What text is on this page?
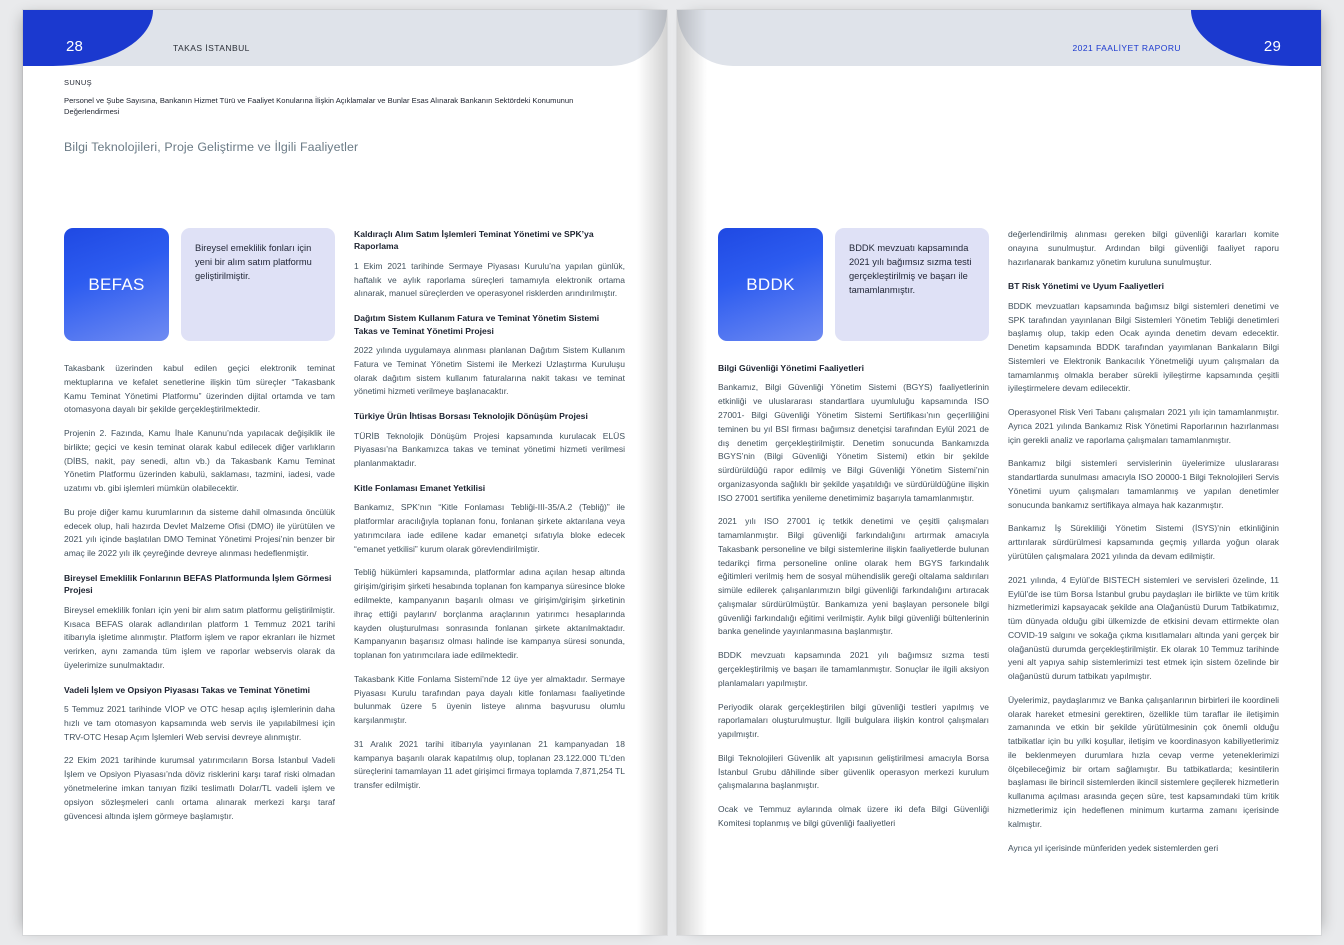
28	TAKAS İSTANBUL

SUNUŞ

Personel ve Şube Sayısına, Bankanın Hizmet Türü ve Faaliyet Konularına İlişkin Açıklamalar ve Bunlar Esas Alınarak Bankanın Sektördeki Konumunun Değerlendirmesi

Bilgi Teknolojileri, Proje Geliştirme ve İlgili Faaliyetler
BEFAS

Bireysel emeklilik fonları için yeni bir alım satım platformu geliştirilmiştir.

Takasbank üzerinden kabul edilen geçici elektronik teminat mektuplarına ve kefalet senetlerine ilişkin tüm süreçler “Takasbank Kamu Teminat Yönetimi Platformu” üzerinden dijital ortamda ve tam otomasyona dayalı bir şekilde gerçekleştirilmektedir.

Projenin 2. Fazında, Kamu İhale Kanunu’nda yapılacak değişiklik ile birlikte; geçici ve kesin teminat olarak kabul edilecek diğer varlıkların (DİBS, nakit, pay senedi, altın vb.) da Takasbank Kamu Teminat Yönetim Platformu üzerinden kabulü, saklaması, tazmini, iadesi, vade uzatımı vb. gibi işlemleri mümkün olabilecektir.

Bu proje diğer kamu kurumlarının da sisteme dahil olmasında öncülük edecek olup, hali hazırda Devlet Malzeme Ofisi (DMO) ile yürütülen ve 2021 yılı içinde başlatılan DMO Teminat Yönetimi Projesi’nin benzer bir amaç ile 2022 yılı ilk çeyreğinde devreye alınması hedeflenmiştir.

Bireysel Emeklilik Fonlarının BEFAS Platformunda İşlem Görmesi Projesi

Bireysel emeklilik fonları için yeni bir alım satım platformu geliştirilmiştir. Kısaca BEFAS olarak adlandırılan platform 1 Temmuz 2021 tarihi itibarıyla işletime alınmıştır. Platform işlem ve rapor ekranları ile hizmet verirken, aynı zamanda tüm işlem ve raporlar webservis olarak da üyelerimize sunulmaktadır.

Vadeli İşlem ve Opsiyon Piyasası Takas ve Teminat Yönetimi

5 Temmuz 2021 tarihinde VİOP ve OTC hesap açılış işlemlerinin daha hızlı ve tam otomasyon kapsamında web servis ile yapılabilmesi için TRV-OTC Hesap Açım İşlemleri Web servisi devreye alınmıştır.

22 Ekim 2021 tarihinde kurumsal yatırımcıların Borsa İstanbul Vadeli İşlem ve Opsiyon Piyasası’nda döviz risklerini karşı taraf riski olmadan yönetmelerine imkan tanıyan fiziki teslimatlı Dolar/TL vadeli işlem ve opsiyon sözleşmeleri canlı ortama alınarak merkezi karşı taraf güvencesi altında işlem görmeye başlamıştır.

Kaldıraçlı Alım Satım İşlemleri Teminat Yönetimi ve SPK’ya Raporlama

1 Ekim 2021 tarihinde Sermaye Piyasası Kurulu’na yapılan günlük, haftalık ve aylık raporlama süreçleri tamamıyla elektronik ortama alınarak, manuel süreçlerden ve operasyonel risklerden arındırılmıştır.

Dağıtım Sistem Kullanım Fatura ve Teminat Yönetim Sistemi Takas ve Teminat Yönetimi Projesi

2022 yılında uygulamaya alınması planlanan Dağıtım Sistem Kullanım Fatura ve Teminat Yönetim Sistemi ile Merkezi Uzlaştırma Kuruluşu olarak dağıtım sistem kullanım faturalarına nakit takası ve teminat yönetimi hizmeti verilmeye başlanacaktır.

Türkiye Ürün İhtisas Borsası Teknolojik Dönüşüm Projesi

TÜRİB Teknolojik Dönüşüm Projesi kapsamında kurulacak ELÜS Piyasası’na Bankamızca takas ve teminat yönetimi hizmeti verilmesi planlanmaktadır.

Kitle Fonlaması Emanet Yetkilisi

Bankamız, SPK’nın “Kitle Fonlaması Tebliği-III-35/A.2 (Tebliğ)” ile platformlar aracılığıyla toplanan fonu, fonlanan şirkete aktarılana veya yatırımcılara iade edilene kadar emanetçi sıfatıyla bloke edecek “emanet yetkilisi” kurum olarak görevlendirilmiştir.

Tebliğ hükümleri kapsamında, platformlar adına açılan hesap altında girişim/girişim şirketi hesabında toplanan fon kampanya süresince bloke edilmekte, kampanyanın başarılı olması ve girişim/girişim şirketinin ihraç ettiği payların/ borçlanma araçlarının yatırımcı hesaplarında kayden oluşturulması sonrasında fonlanan şirkete aktarılmaktadır. Kampanyanın başarısız olması halinde ise kampanya süresi sonunda, toplanan fon yatırımcılara iade edilmektedir.

Takasbank Kitle Fonlama Sistemi’nde 12 üye yer almaktadır. Sermaye Piyasası Kurulu tarafından paya dayalı kitle fonlaması faaliyetinde bulunmak üzere 5 üyenin listeye alınma başvurusu olumlu karşılanmıştır.

31 Aralık 2021 tarihi itibarıyla yayınlanan 21 kampanyadan 18 kampanya başarılı olarak kapatılmış olup, toplanan 23.122.000 TL’den süreçlerini tamamlayan 11 adet girişimci firmaya toplamda 7,871,254 TL transfer edilmiştir.

29
2021 FAALİYET RAPORU
BDDK

BDDK mevzuatı kapsamında 2021 yılı bağımsız sızma testi gerçekleştirilmiş ve başarı ile tamamlanmıştır.

Bilgi Güvenliği Yönetimi Faaliyetleri

Bankamız, Bilgi Güvenliği Yönetim Sistemi (BGYS) faaliyetlerinin etkinliği ve uluslararası standartlara uyumluluğu kapsamında ISO 27001- Bilgi Güvenliği Yönetim Sistemi Sertifikası’nın geçerliliğini teminen bu yıl BSI firması bağımsız denetçisi tarafından Eylül 2021 de dış denetim gerçekleştirilmiştir. Denetim sonucunda Bankamızda BGYS’nin (Bilgi Güvenliği Yönetim Sistemi) etkin bir şekilde sürdürüldüğü rapor edilmiş ve Bilgi Güvenliği Yönetim Sistemi’nin organizasyonda sağlıklı bir şekilde yaşatıldığı ve sürdürüldüğüne ilişkin ISO 27001 sertifika yenileme denetimimiz başarıyla tamamlanmıştır.

2021 yılı ISO 27001 iç tetkik denetimi ve çeşitli çalışmaları tamamlanmıştır. Bilgi güvenliği farkındalığını artırmak amacıyla Takasbank personeline ve bilgi sistemlerine ilişkin faaliyetlerde bulunan tedarikçi firma personeline online olarak hem BGYS farkındalık eğitimleri verilmiş hem de sosyal mühendislik gereği oltalama saldırıları simüle edilerek çalışanlarımızın bilgi güvenliği farkındalığını artıracak çalışmalar sürdürülmüştür. Bankamıza yeni başlayan personele bilgi güvenliği farkındalığı eğitimi verilmiştir. Aylık bilgi güvenliği bültenlerinin banka genelinde yayınlanmasına başlanmıştır.

BDDK mevzuatı kapsamında 2021 yılı bağımsız sızma testi gerçekleştirilmiş ve başarı ile tamamlanmıştır. Sonuçlar ile ilgili aksiyon planlamaları yapılmıştır.

Periyodik olarak gerçekleştirilen bilgi güvenliği testleri yapılmış ve raporlamaları oluşturulmuştur. İlgili bulgulara ilişkin kontrol çalışmaları yapılmıştır.

Bilgi Teknolojileri Güvenlik alt yapısının geliştirilmesi amacıyla Borsa İstanbul Grubu dâhilinde siber güvenlik operasyon merkezi kurulum çalışmalarına başlanmıştır.

Ocak ve Temmuz aylarında olmak üzere iki defa Bilgi Güvenliği Komitesi toplanmış ve bilgi güvenliği faaliyetleri

değerlendirilmiş alınması gereken bilgi güvenliği kararları komite onayına sunulmuştur. Ardından bilgi güvenliği faaliyet raporu hazırlanarak bankamız yönetim kuruluna sunulmuştur.

BT Risk Yönetimi ve Uyum Faaliyetleri

BDDK mevzuatları kapsamında bağımsız bilgi sistemleri denetimi ve SPK tarafından yayınlanan Bilgi Sistemleri Yönetim Tebliği denetimleri başlamış olup, takip eden Ocak ayında denetim devam edecektir. Denetim kapsamında BDDK tarafından yayımlanan Bankaların Bilgi Sistemleri ve Elektronik Bankacılık Yönetmeliği uyum çalışmaları da tamamlanmış olmakla beraber sürekli iyileştirme kapsamında çeşitli iyileştirmelere devam edilecektir.

Operasyonel Risk Veri Tabanı çalışmaları 2021 yılı için tamamlanmıştır. Ayrıca 2021 yılında Bankamız Risk Yönetimi Raporlarının hazırlanması için gerekli analiz ve raporlama çalışmaları tamamlanmıştır.

Bankamız bilgi sistemleri servislerinin üyelerimize uluslararası standartlarda sunulması amacıyla ISO 20000-1 Bilgi Teknolojileri Servis Yönetimi uyum çalışmaları tamamlanmış ve yapılan denetimler sonucunda bankamız sertifikaya almaya hak kazanmıştır.

Bankamız İş Sürekliliği Yönetim Sistemi (İSYS)’nin etkinliğinin arttırılarak sürdürülmesi kapsamında geçmiş yıllarda yoğun olarak yürütülen çalışmalara 2021 yılında da devam edilmiştir.

2021 yılında, 4 Eylül’de BISTECH sistemleri ve servisleri özelinde, 11 Eylül’de ise tüm Borsa İstanbul grubu paydaşları ile birlikte ve tüm kritik hizmetlerimizi kapsayacak şekilde ana Olağanüstü Durum Tatbikatımız, tüm dünyada olduğu gibi ülkemizde de etkisini devam ettirmekte olan COVID-19 salgını ve sokağa çıkma kısıtlamaları altında yani gerçek bir olağanüstü durumda gerçekleştirilmiştir. Ek olarak 10 Temmuz tarihinde yeni alt yapıya sahip sistemlerimizi test etmek için sistem özelinde bir olağanüstü durum tatbikatı yapılmıştır.

Üyelerimiz, paydaşlarımız ve Banka çalışanlarının birbirleri ile koordineli olarak hareket etmesini gerektiren, özellikle tüm taraflar ile iletişimin zamanında ve etkin bir şekilde yürütülmesinin çok önemli olduğu tatbikatlar için bu yılki koşullar, iletişim ve koordinasyon kabiliyetlerimiz ile beklenmeyen durumlara hızla cevap verme yeteneklerimizi ölçebileceğimiz bir ortam sağlamıştır. Bu tatbikatlarda; kesintilerin başlaması ile birincil sistemlerden ikincil sistemlere geçilerek hizmetlerin kullanıma açılması arasında geçen süre, test kapsamındaki tüm kritik hizmetlerimiz için hedeflenen minimum kurtarma zamanı içerisinde kalmıştır.

Ayrıca yıl içerisinde münferiden yedek sistemlerden geri
